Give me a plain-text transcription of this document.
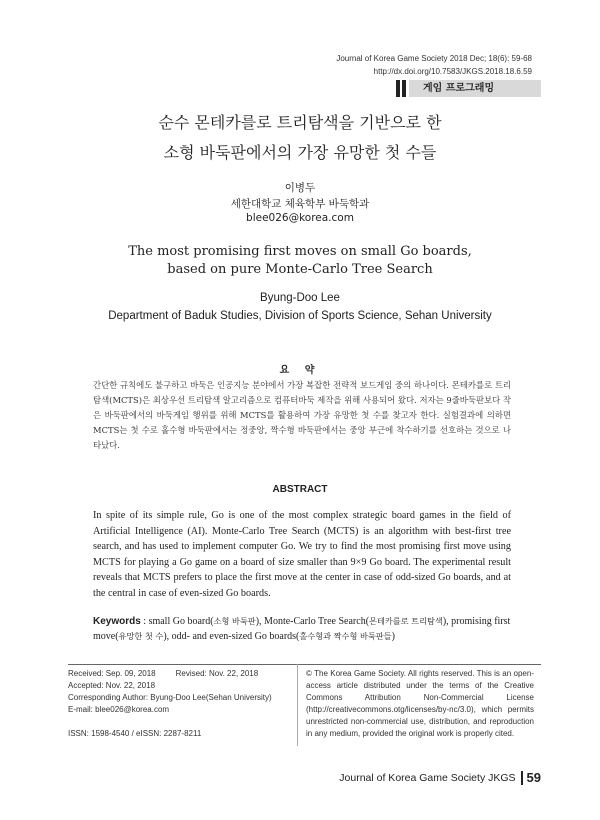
Journal of Korea Game Society 2018 Dec; 18(6): 59-68
http://dx.doi.org/10.7583/JKGS.2018.18.6.59
게임 프로그래밍
순수 몬테카를로 트리탐색을 기반으로 한
소형 바둑판에서의 가장 유망한 첫 수들
이병두
세한대학교 체육학부 바둑학과
blee026@korea.com
The most promising first moves on small Go boards,
based on pure Monte-Carlo Tree Search
Byung-Doo Lee
Department of Baduk Studies, Division of Sports Science, Sehan University
요 약
간단한 규칙에도 불구하고 바둑은 인공지능 분야에서 가장 복잡한 전략적 보드게임 중의 하나이다. 몬테카를로 트리탐색(MCTS)은 최상우선 트리탐색 알고리즘으로 컴퓨터바둑 제작을 위해 사용되어 왔다. 저자는 9줄바둑판보다 작은 바둑판에서의 바둑게임 행위를 위해 MCTS를 활용하여 가장 유망한 첫 수를 찾고자 한다. 실험결과에 의하면 MCTS는 첫 수로 홀수형 바둑판에서는 정중앙, 짝수형 바둑판에서는 중앙 부근에 착수하기를 선호하는 것으로 나타났다.
ABSTRACT
In spite of its simple rule, Go is one of the most complex strategic board games in the field of Artificial Intelligence (AI). Monte-Carlo Tree Search (MCTS) is an algorithm with best-first tree search, and has used to implement computer Go. We try to find the most promising first move using MCTS for playing a Go game on a board of size smaller than 9×9 Go board. The experimental result reveals that MCTS prefers to place the first move at the center in case of odd-sized Go boards, and at the central in case of even-sized Go boards.
Keywords : small Go board(소형 바둑판), Monte-Carlo Tree Search(몬테카를로 트리탐색), promising first move(유망한 첫 수), odd- and even-sized Go boards(홀수형과 짝수형 바둑판들)
Received: Sep. 09, 2018	Revised: Nov. 22, 2018
Accepted: Nov. 22, 2018
Corresponding Author: Byung-Doo Lee(Sehan University)
E-mail: blee026@korea.com
ISSN: 1598-4540 / eISSN: 2287-8211
© The Korea Game Society. All rights reserved. This is an open-access article distributed under the terms of the Creative Commons Attribution Non-Commercial License (http://creativecommons.otg/licenses/by-nc/3.0), which permits unrestricted non-commercial use, distribution, and reproduction in any medium, provided the original work is properly cited.
Journal of Korea Game Society JKGS 59
